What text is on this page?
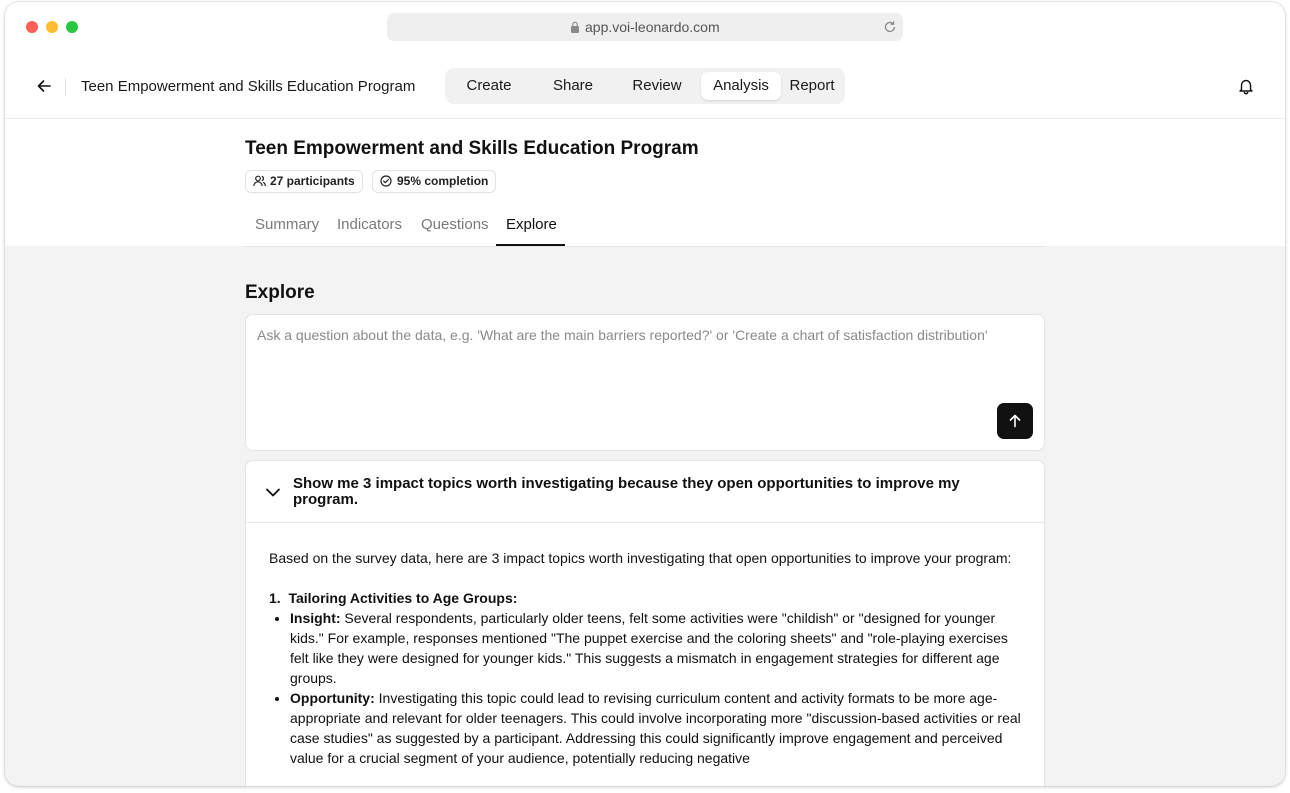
app.voi-leonardo.com
Teen Empowerment and Skills Education Program	Create	Share	Review	Analysis	Report
Teen Empowerment and Skills Education Program
27 participants	95% completion
Summary Indicators Questions Explore
Explore
Ask a question about the data, e.g. 'What are the main barriers reported?' or 'Create a chart of satisfaction distribution'
Show me 3 impact topics worth investigating because they open opportunities to improve my program.

Based on the survey data, here are 3 impact topics worth investigating that open opportunities to improve your program:

1. Tailoring Activities to Age Groups:

• Insight: Several respondents, particularly older teens, felt some activities were "childish" or "designed for younger kids." For example, responses mentioned "The puppet exercise and the coloring sheets" and "role-playing exercises felt like they were designed for younger kids." This suggests a mismatch in engagement strategies for different age groups.
• Opportunity: Investigating this topic could lead to revising curriculum content and activity formats to be more age-appropriate and relevant for older teenagers. This could involve incorporating more "discussion-based activities or real case studies" as suggested by a participant. Addressing this could significantly improve engagement and perceived value for a crucial segment of your audience, potentially reducing negative
